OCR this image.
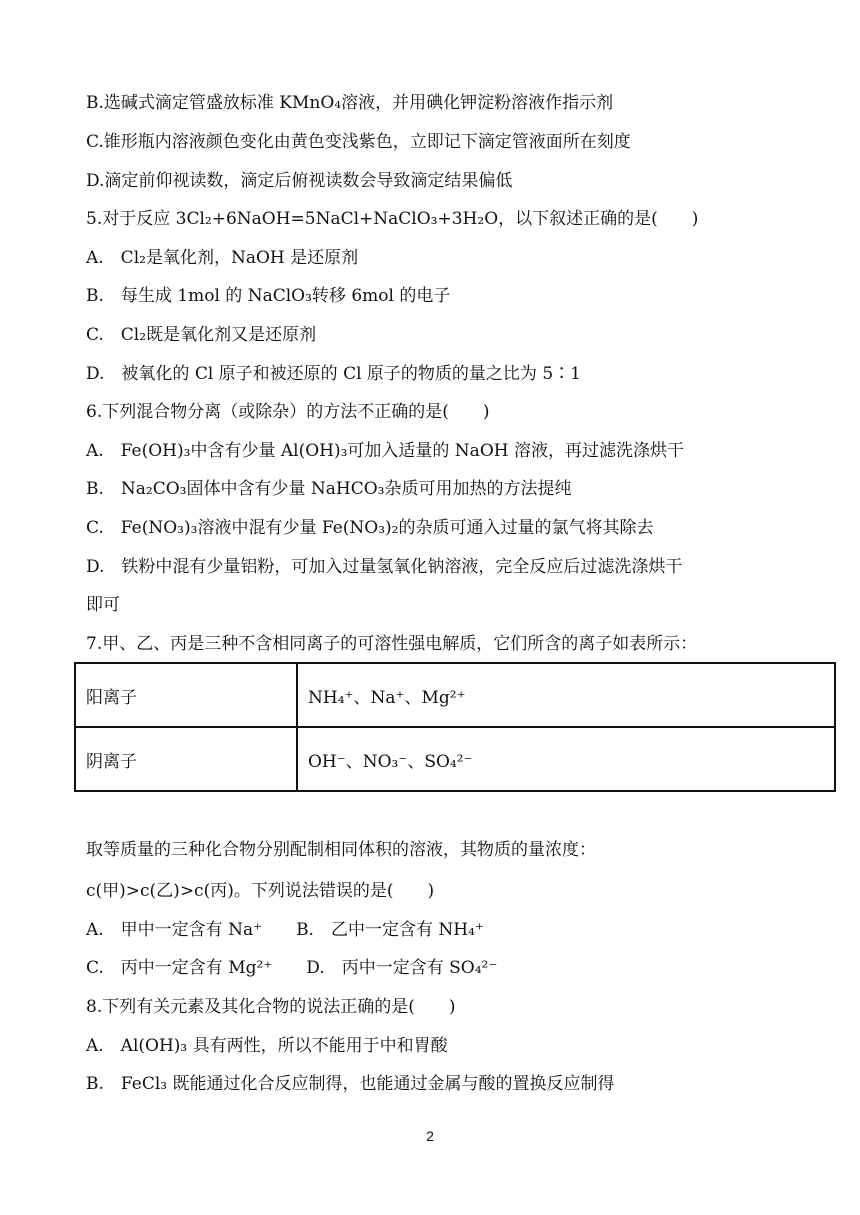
B.选碱式滴定管盛放标准 KMnO₄溶液，并用碘化钾淀粉溶液作指示剂
C.锥形瓶内溶液颜色变化由黄色变浅紫色，立即记下滴定管液面所在刻度
D.滴定前仰视读数，滴定后俯视读数会导致滴定结果偏低
5.对于反应 3Cl₂+6NaOH=5NaCl+NaClO₃+3H₂O，以下叙述正确的是(　　)
A.　Cl₂是氧化剂，NaOH 是还原剂
B.　每生成 1mol 的 NaClO₃转移 6mol 的电子
C.　Cl₂既是氧化剂又是还原剂
D.　被氧化的 Cl 原子和被还原的 Cl 原子的物质的量之比为 5∶1
6.下列混合物分离（或除杂）的方法不正确的是(　　)
A.　Fe(OH)₃中含有少量 Al(OH)₃可加入适量的 NaOH 溶液，再过滤洗涤烘干
B.　Na₂CO₃固体中含有少量 NaHCO₃杂质可用加热的方法提纯
C.　Fe(NO₃)₃溶液中混有少量 Fe(NO₃)₂的杂质可通入过量的氯气将其除去
D.　铁粉中混有少量铝粉，可加入过量氢氧化钠溶液，完全反应后过滤洗涤烘干
即可
7.甲、乙、丙是三种不含相同离子的可溶性强电解质，它们所含的离子如表所示：
阳离子	NH₄⁺、Na⁺、Mg²⁺
阴离子	OH⁻、NO₃⁻、SO₄²⁻
取等质量的三种化合物分别配制相同体积的溶液，其物质的量浓度：
c(甲)>c(乙)>c(丙)。下列说法错误的是(　　)
A.　甲中一定含有 Na⁺　　B.　乙中一定含有 NH₄⁺
C.　丙中一定含有 Mg²⁺　　D.　丙中一定含有 SO₄²⁻
8.下列有关元素及其化合物的说法正确的是(　　)
A.　Al(OH)₃ 具有两性，所以不能用于中和胃酸
B.　FeCl₃ 既能通过化合反应制得，也能通过金属与酸的置换反应制得
2
